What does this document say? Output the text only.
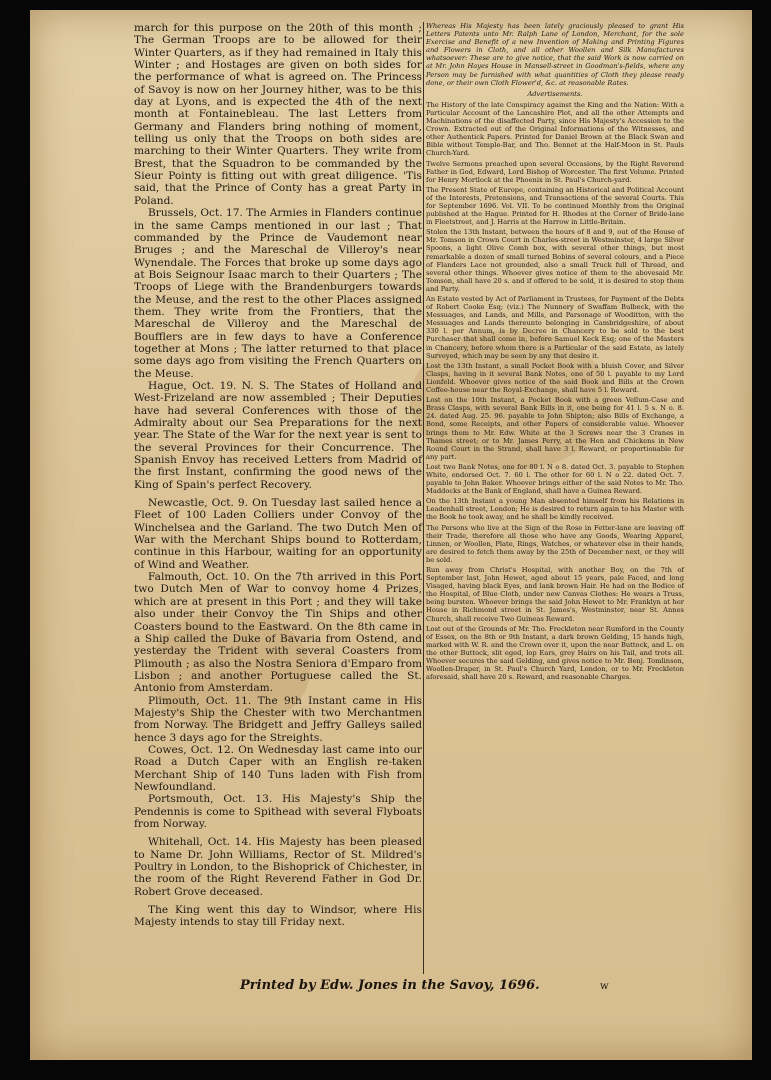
march for this purpose on the 20th of this month ; The German Troops are to be allowed for their Winter Quarters, as if they had remained in Italy this Winter ; and Hostages are given on both sides for the performance of what is agreed on. The Princess of Savoy is now on her Journey hither, was to be this day at Lyons, and is expected the 4th of the next month at Fontainebleau. The last Letters from Germany and Flanders bring nothing of moment, telling us only that the Troops on both sides are marching to their Winter Quarters. They write from Brest, that the Squadron to be commanded by the Sieur Pointy is fitting out with great diligence. 'Tis said, that the Prince of Conty has a great Party in Poland.

Brussels, Oct. 17. The Armies in Flanders continue in the same Camps mentioned in our last ; That commanded by the Prince de Vaudemont near Bruges ; and the Mareschal de Villeroy's near Wynendale. The Forces that broke up some days ago at Bois Seignour Isaac march to their Quarters ; The Troops of Liege with the Brandenburgers towards the Meuse, and the rest to the other Places assigned them. They write from the Frontiers, that the Mareschal de Villeroy and the Mareschal de Boufflers are in few days to have a Conference together at Mons ; The latter returned to that place some days ago from visiting the French Quarters on the Meuse.

Hague, Oct. 19. N. S. The States of Holland and West-Frizeland are now assembled ; Their Deputies have had several Conferences with those of the Admiralty about our Sea Preparations for the next year. The State of the War for the next year is sent to the several Provinces for their Concurrence. The Spanish Envoy has received Letters from Madrid of the first Instant, confirming the good news of the King of Spain's perfect Recovery.

Newcastle, Oct. 9. On Tuesday last sailed hence a Fleet of 100 Laden Colliers under Convoy of the Winchelsea and the Garland. The two Dutch Men of War with the Merchant Ships bound to Rotterdam, continue in this Harbour, waiting for an opportunity of Wind and Weather.

Falmouth, Oct. 10. On the 7th arrived in this Port two Dutch Men of War to convoy home 4 Prizes, which are at present in this Port ; and they will take also under their Convoy the Tin Ships and other Coasters bound to the Eastward. On the 8th came in a Ship called the Duke of Bavaria from Ostend, and yesterday the Trident with several Coasters from Plimouth ; as also the Nostra Seniora d'Emparo from Lisbon ; and another Portuguese called the St. Antonio from Amsterdam.

Plimouth, Oct. 11. The 9th Instant came in His Majesty's Ship the Chester with two Merchantmen from Norway. The Bridgett and Jeffry Galleys sailed hence 3 days ago for the Streights.

Cowes, Oct. 12. On Wednesday last came into our Road a Dutch Caper with an English re-taken Merchant Ship of 140 Tuns laden with Fish from Newfoundland.

Portsmouth, Oct. 13. His Majesty's Ship the Pendennis is come to Spithead with several Flyboats from Norway.

Whitehall, Oct. 14. His Majesty has been pleased to Name Dr. John Williams, Rector of St. Mildred's Poultry in London, to the Bishoprick of Chichester, in the room of the Right Reverend Father in God Dr. Robert Grove deceased.

The King went this day to Windsor, where His Majesty intends to stay till Friday next.

Whereas His Majesty has been lately graciously pleased to grant His Letters Patents unto Mr. Ralph Lane of London, Merchant, for the sole Exercise and Benefit of a new Invention of Making and Printing Figures and Flowers in Cloth, and all other Woollen and Silk Manufactures whatsoever: These are to give notice, that the said Work is now carried on at Mr. John Hayes House in Mansell-street in Goodman's-fields, where any Person may be furnished with what quantities of Cloth they please ready done, or their own Cloth Flower'd, &c. at reasonable Rates.

Advertisements.

The History of the late Conspiracy against the King and the Nation: With a Particular Account of the Lancashire Plot, and all the other Attempts and Machinations of the disaffected Party, since His Majesty's Accession to the Crown. Extracted out of the Original Informations of the Witnesses, and other Authentick Papers. Printed for Daniel Brown at the Black Swan and Bible without Temple-Bar, and Tho. Bennet at the Half-Moon in St. Pauls Church-Yard.

Twelve Sermons preached upon several Occasions, by the Right Reverend Father in God, Edward, Lord Bishop of Worcester. The first Volume. Printed for Henry Mortlock at the Phoenix in St. Paul's Church-yard.

The Present State of Europe, containing an Historical and Political Account of the Interests, Pretensions, and Transactions of the several Courts. This for September 1696. Vol. VII. To be continued Monthly from the Original published at the Hague. Printed for H. Rhodes at the Corner of Bride-lane in Fleetstreet, and J. Harris at the Harrow in Little-Britain.

Stolen the 13th Instant, between the hours of 8 and 9, out of the House of Mr. Tomson in Crown Court in Charles-street in Westminster, 4 large Silver Spoons, a light Olive Comb box, with several other things, but most remarkable a dozen of small turned Bobins of several colours, and a Piece of Flanders Lace not grounded, also a small Truck full of Thread, and several other things. Whoever gives notice of them to the abovesaid Mr. Tomson, shall have 20 s. and if offered to be sold, it is desired to stop them and Party.

An Estate vested by Act of Parliament in Trustees, for Payment of the Debts of Robert Cooke Esq; (viz.) The Nunnery of Swaffam Bulbeck, with the Messuages, and Lands, and Mills, and Parsonage of Wooditton, with the Messuages and Lands thereunto belonging in Cambridgeshire, of about 330 l. per Annum, is by Decree in Chancery to be sold to the best Purchaser that shall come in, before Samuel Keck Esq; one of the Masters in Chancery, before whom there is a Particular of the said Estate, as lately Surveyed, which may be seen by any that desire it.

Lost the 13th Instant, a small Pocket Book with a bluish Cover, and Silver Clasps, having in it several Bank Notes, one of 50 l. payable to my Lord Lionfeld. Whoever gives notice of the said Book and Bills at the Crown Coffee-house near the Royal-Exchange, shall have 5 l. Reward.

Lost on the 10th Instant, a Pocket Book with a green Vellum-Case and Brass Clasps, with several Bank Bills in it, one being for 41 l. 5 s. N o. 8. 24. dated Aug. 25. 96. payable to John Shipton; also Bills of Exchange, a Bond, some Receipts, and other Papers of considerable value. Whoever brings them to Mr. Edw. White at the 3 Screws near the 3 Cranes in Thames street; or to Mr. James Perry, at the Hen and Chickens in New Round Court in the Strand, shall have 3 l. Reward, or proportionable for any part.

Lost two Bank Notes, one for 80 l. N o 8. dated Oct. 3. payable to Stephen White, endorsed Oct. 7. 60 l. The other for 60 l. N o 22. dated Oct. 7. payable to John Baker. Whoever brings either of the said Notes to Mr. Tho. Maddocks at the Bank of England, shall have a Guinea Reward.

On the 13th Instant a young Man absented himself from his Relations in Leadenhall street, London; He is desired to return again to his Master with the Book he took away, and he shall be kindly received.

The Persons who live at the Sign of the Rose in Fetter-lane are leaving off their Trade, therefore all those who have any Goods, Wearing Apparel, Linnen, or Woollen, Plate, Rings, Watches, or whatever else in their hands, are desired to fetch them away by the 25th of December next, or they will be sold.

Run away from Christ's Hospital, with another Boy, on the 7th of September last, John Hewet, aged about 15 years, pale Faced, and long Visaged, having black Eyes, and lank brown Hair. He had on the Bodice of the Hospital, of Blue Cloth, under new Canvas Clothes: He wears a Truss, being bursten. Whoever brings the said John Hewet to Mr. Franklyn at her House in Richmond street in St. James's, Westminster, near St. Annes Church, shall receive Two Guineas Reward.

Lost out of the Grounds of Mr. Tho. Freckleton near Rumford in the County of Essex, on the 8th or 9th Instant, a dark brown Gelding, 15 hands high, marked with W. R. and the Crown over it, upon the near Buttock, and L. on the other Buttock, slit eged, lop Ears, grey Hairs on his Tail, and trots all. Whoever secures the said Gelding, and gives notice to Mr. Benj. Tomlinson, Woollen-Draper, in St. Paul's Church Yard, London, or to Mr. Freckleton aforesaid, shall have 20 s. Reward, and reasonable Charges.

Printed by Edw. Jones in the Savoy, 1696.	w
